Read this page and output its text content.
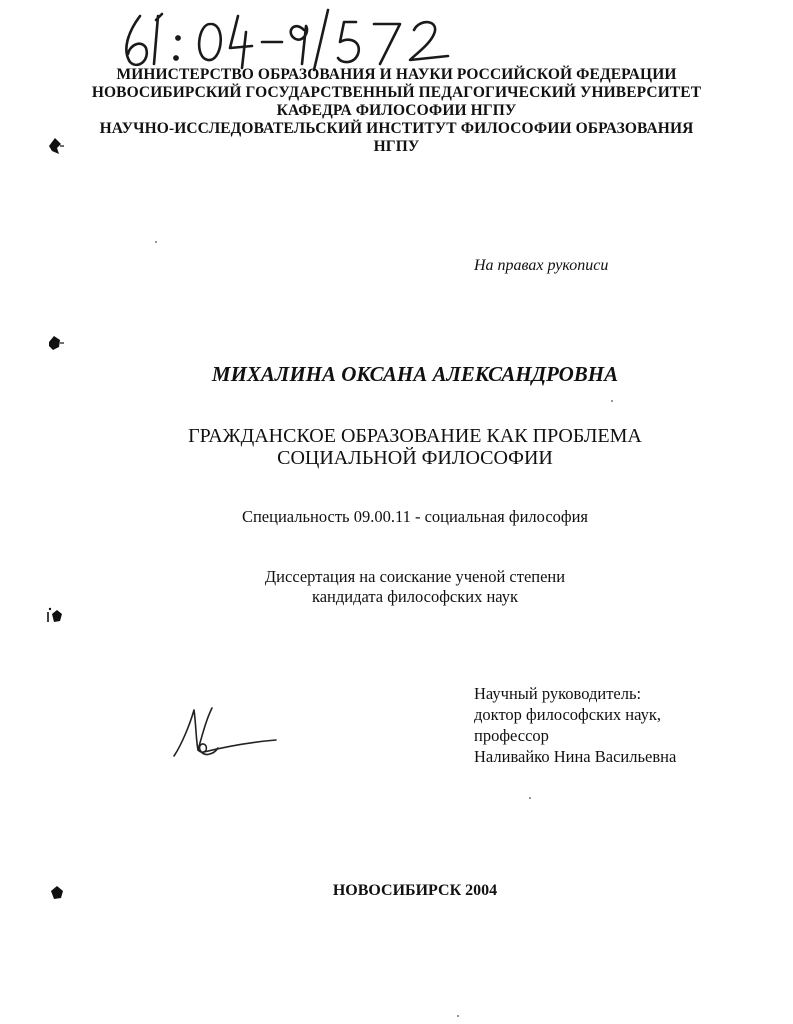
МИНИСТЕРСТВО ОБРАЗОВАНИЯ И НАУКИ РОССИЙСКОЙ ФЕДЕРАЦИИ
НОВОСИБИРСКИЙ ГОСУДАРСТВЕННЫЙ ПЕДАГОГИЧЕСКИЙ УНИВЕРСИТЕТ
КАФЕДРА ФИЛОСОФИИ НГПУ
НАУЧНО-ИССЛЕДОВАТЕЛЬСКИЙ ИНСТИТУТ ФИЛОСОФИИ ОБРАЗОВАНИЯ
НГПУ
На правах рукописи
МИХАЛИНА ОКСАНА АЛЕКСАНДРОВНА
ГРАЖДАНСКОЕ ОБРАЗОВАНИЕ КАК ПРОБЛЕМА
СОЦИАЛЬНОЙ ФИЛОСОФИИ
Специальность 09.00.11 - социальная философия
Диссертация на соискание ученой степени
кандидата философских наук
Научный руководитель:
доктор философских наук,
профессор
Наливайко Нина Васильевна
НОВОСИБИРСК 2004
